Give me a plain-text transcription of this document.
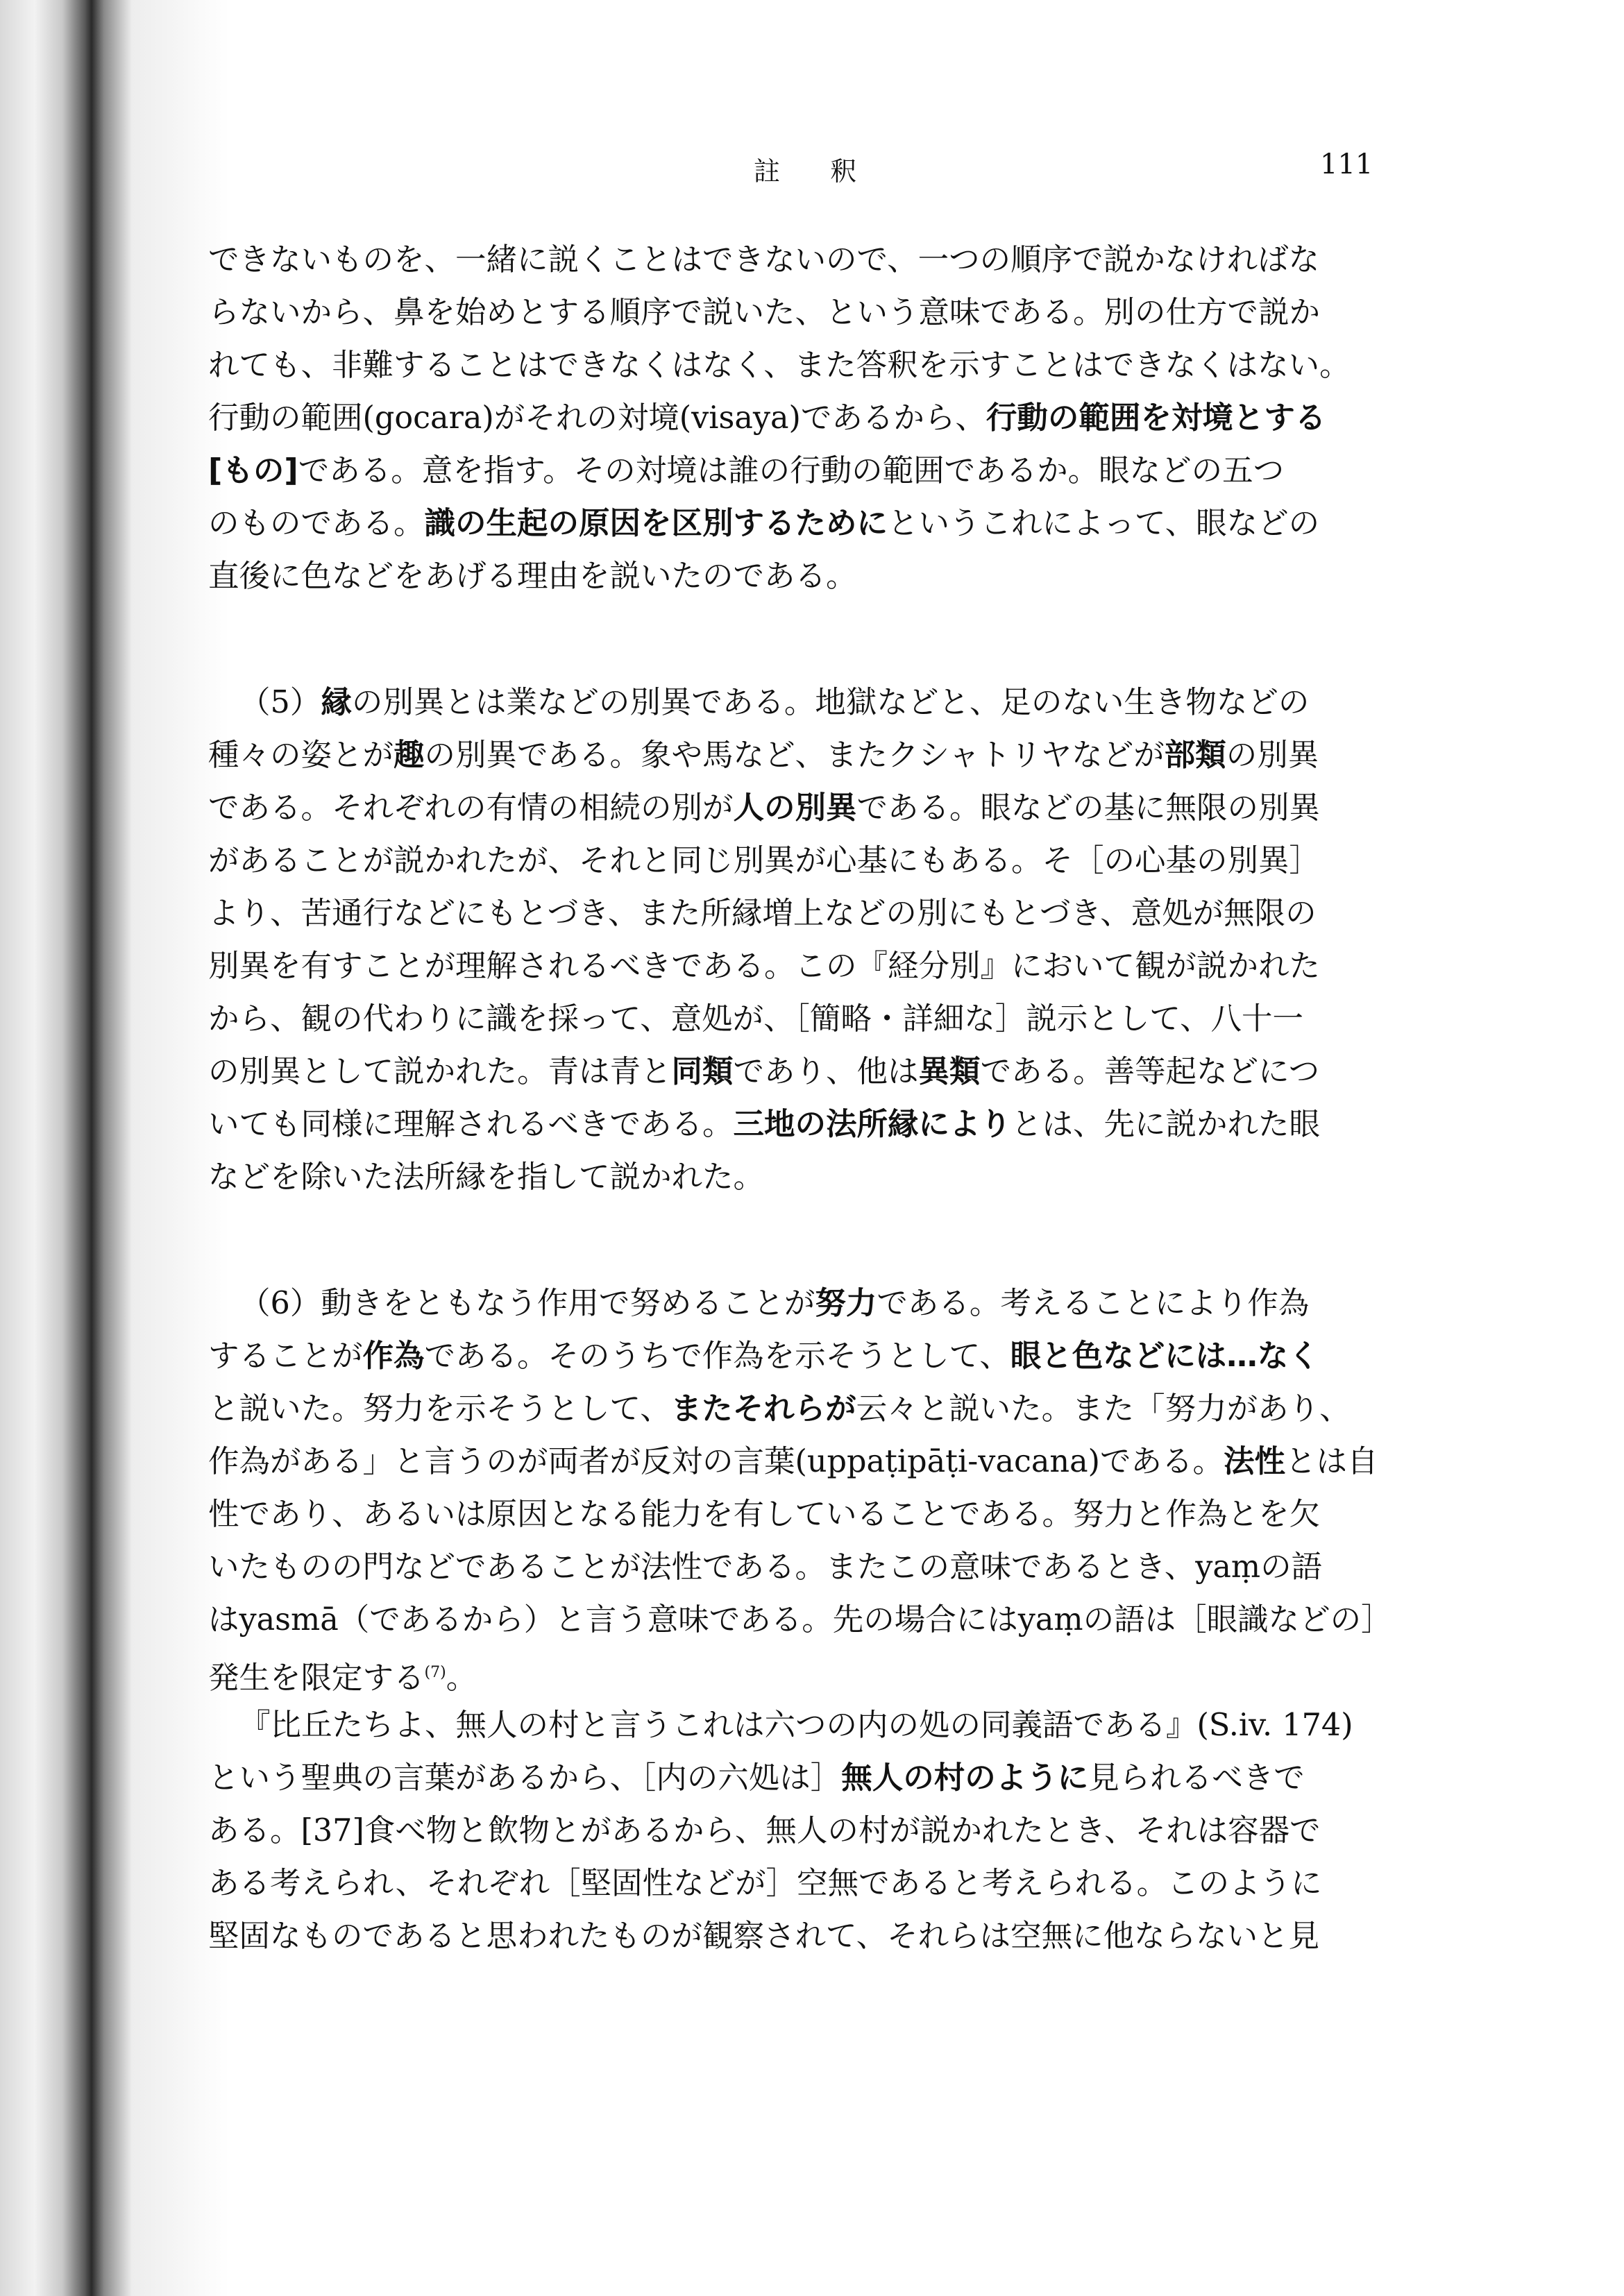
註 釈	111
できないものを、一緒に説くことはできないので、一つの順序で説かなければな
らないから、鼻を始めとする順序で説いた、という意味である。別の仕方で説か
れても、非難することはできなくはなく、また答釈を示すことはできなくはない。
行動の範囲(gocara)がそれの対境(visaya)であるから、行動の範囲を対境とする
[もの]である。意を指す。その対境は誰の行動の範囲であるか。眼などの五つ
のものである。識の生起の原因を区別するためにというこれによって、眼などの
直後に色などをあげる理由を説いたのである。
（5）縁の別異とは業などの別異である。地獄などと、足のない生き物などの
種々の姿とが趣の別異である。象や馬など、またクシャトリヤなどが部類の別異
である。それぞれの有情の相続の別が人の別異である。眼などの基に無限の別異
があることが説かれたが、それと同じ別異が心基にもある。そ［の心基の別異］
より、苦通行などにもとづき、また所縁増上などの別にもとづき、意処が無限の
別異を有すことが理解されるべきである。この『経分別』において観が説かれた
から、観の代わりに識を採って、意処が、［簡略・詳細な］説示として、八十一
の別異として説かれた。青は青と同類であり、他は異類である。善等起などにつ
いても同様に理解されるべきである。三地の法所縁によりとは、先に説かれた眼
などを除いた法所縁を指して説かれた。
（6）動きをともなう作用で努めることが努力である。考えることにより作為
することが作為である。そのうちで作為を示そうとして、眼と色などには…なく
と説いた。努力を示そうとして、またそれらが云々と説いた。また「努力があり、
作為がある」と言うのが両者が反対の言葉(uppaṭipāṭi-vacana)である。法性とは自
性であり、あるいは原因となる能力を有していることである。努力と作為とを欠
いたものの門などであることが法性である。またこの意味であるとき、yaṃの語
はyasmā（であるから）と言う意味である。先の場合にはyaṃの語は［眼識などの］
発生を限定する$^{(7)}$。
『比丘たちよ、無人の村と言うこれは六つの内の処の同義語である』(S.iv. 174)
という聖典の言葉があるから、［内の六処は］無人の村のように見られるべきで
ある。[37]食べ物と飲物とがあるから、無人の村が説かれたとき、それは容器で
ある考えられ、それぞれ［堅固性などが］空無であると考えられる。このように
堅固なものであると思われたものが観察されて、それらは空無に他ならないと見
